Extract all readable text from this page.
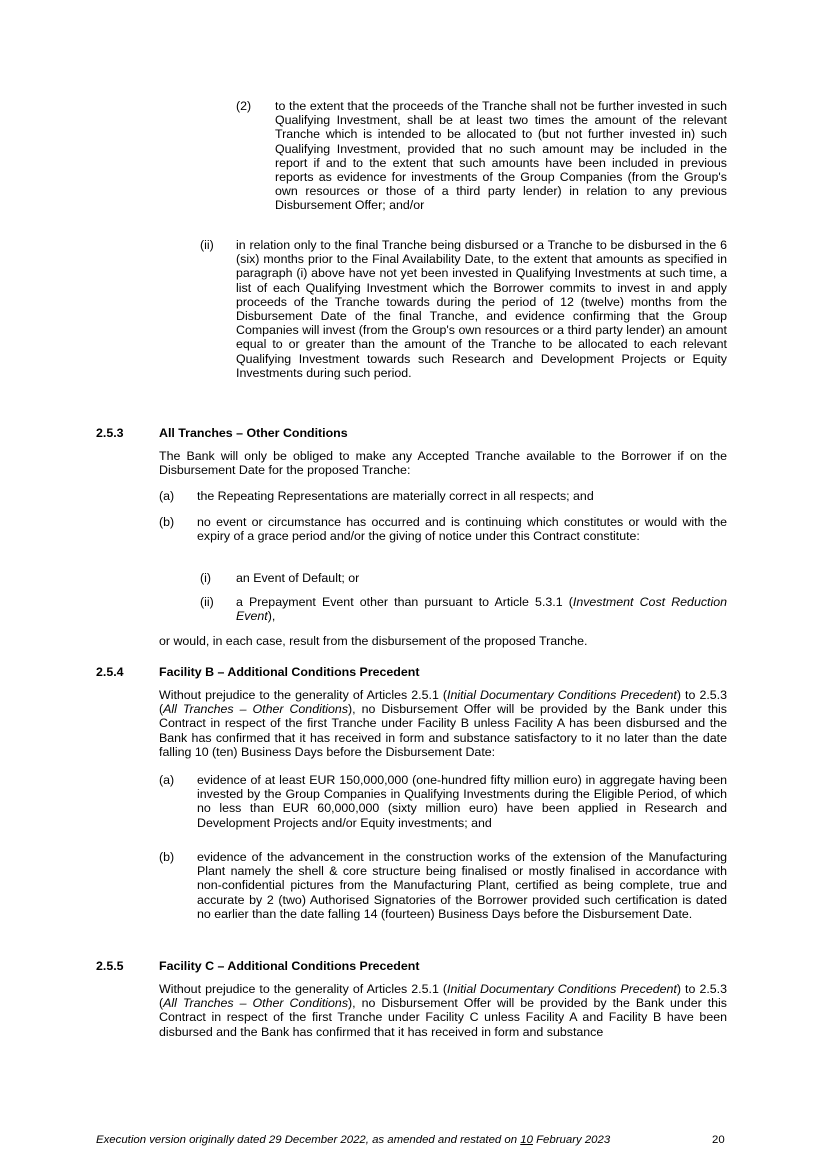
(2) to the extent that the proceeds of the Tranche shall not be further invested in such Qualifying Investment, shall be at least two times the amount of the relevant Tranche which is intended to be allocated to (but not further invested in) such Qualifying Investment, provided that no such amount may be included in the report if and to the extent that such amounts have been included in previous reports as evidence for investments of the Group Companies (from the Group's own resources or those of a third party lender) in relation to any previous Disbursement Offer; and/or
(ii) in relation only to the final Tranche being disbursed or a Tranche to be disbursed in the 6 (six) months prior to the Final Availability Date, to the extent that amounts as specified in paragraph (i) above have not yet been invested in Qualifying Investments at such time, a list of each Qualifying Investment which the Borrower commits to invest in and apply proceeds of the Tranche towards during the period of 12 (twelve) months from the Disbursement Date of the final Tranche, and evidence confirming that the Group Companies will invest (from the Group's own resources or a third party lender) an amount equal to or greater than the amount of the Tranche to be allocated to each relevant Qualifying Investment towards such Research and Development Projects or Equity Investments during such period.
2.5.3	All Tranches – Other Conditions
The Bank will only be obliged to make any Accepted Tranche available to the Borrower if on the Disbursement Date for the proposed Tranche:
(a) the Repeating Representations are materially correct in all respects; and
(b) no event or circumstance has occurred and is continuing which constitutes or would with the expiry of a grace period and/or the giving of notice under this Contract constitute:
(i) an Event of Default; or
(ii) a Prepayment Event other than pursuant to Article 5.3.1 (Investment Cost Reduction Event),
or would, in each case, result from the disbursement of the proposed Tranche.
2.5.4	Facility B – Additional Conditions Precedent
Without prejudice to the generality of Articles 2.5.1 (Initial Documentary Conditions Precedent) to 2.5.3 (All Tranches – Other Conditions), no Disbursement Offer will be provided by the Bank under this Contract in respect of the first Tranche under Facility B unless Facility A has been disbursed and the Bank has confirmed that it has received in form and substance satisfactory to it no later than the date falling 10 (ten) Business Days before the Disbursement Date:
(a) evidence of at least EUR 150,000,000 (one-hundred fifty million euro) in aggregate having been invested by the Group Companies in Qualifying Investments during the Eligible Period, of which no less than EUR 60,000,000 (sixty million euro) have been applied in Research and Development Projects and/or Equity investments; and
(b) evidence of the advancement in the construction works of the extension of the Manufacturing Plant namely the shell & core structure being finalised or mostly finalised in accordance with non-confidential pictures from the Manufacturing Plant, certified as being complete, true and accurate by 2 (two) Authorised Signatories of the Borrower provided such certification is dated no earlier than the date falling 14 (fourteen) Business Days before the Disbursement Date.
2.5.5	Facility C – Additional Conditions Precedent
Without prejudice to the generality of Articles 2.5.1 (Initial Documentary Conditions Precedent) to 2.5.3 (All Tranches – Other Conditions), no Disbursement Offer will be provided by the Bank under this Contract in respect of the first Tranche under Facility C unless Facility A and Facility B have been disbursed and the Bank has confirmed that it has received in form and substance
Execution version originally dated 29 December 2022, as amended and restated on 10 February 2023	20
